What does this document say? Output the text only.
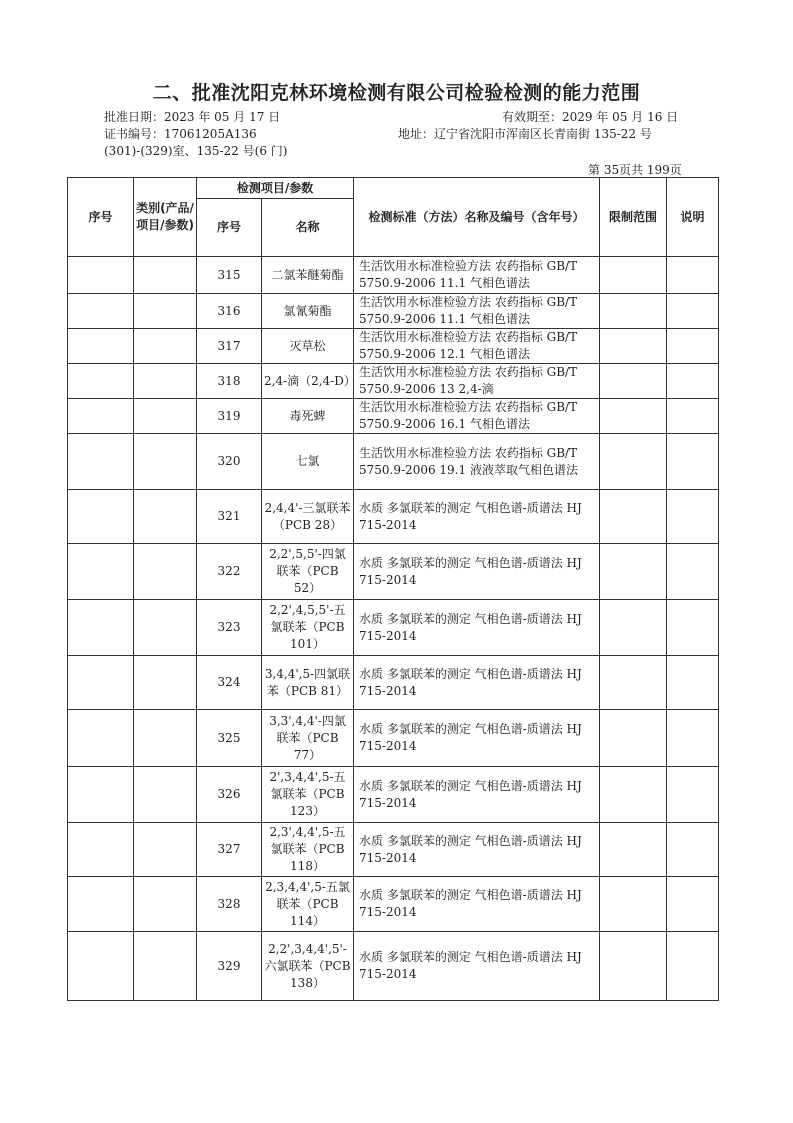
二、批准沈阳克林环境检测有限公司检验检测的能力范围
批准日期：2023 年 05 月 17 日	有效期至：2029 年 05 月 16 日
证书编号：17061205A136	地址：辽宁省沈阳市浑南区长青南街 135-22 号
(301)-(329)室、135-22 号(6 门)
第 35页共 199页
序号	类别(产品/项目/参数)	检测项目/参数		检测标准（方法）名称及编号（含年号）	限制范围	说明
		序号	名称			
		315	二氯苯醚菊酯	生活饮用水标准检验方法 农药指标 GB/T 5750.9-2006 11.1 气相色谱法		
		316	氯氰菊酯	生活饮用水标准检验方法 农药指标 GB/T 5750.9-2006 11.1 气相色谱法		
		317	灭草松	生活饮用水标准检验方法 农药指标 GB/T 5750.9-2006 12.1 气相色谱法		
		318	2,4-滴（2,4-D）	生活饮用水标准检验方法 农药指标 GB/T 5750.9-2006 13 2,4-滴		
		319	毒死蜱	生活饮用水标准检验方法 农药指标 GB/T 5750.9-2006 16.1 气相色谱法		
		320	七氯	生活饮用水标准检验方法 农药指标 GB/T 5750.9-2006 19.1 液液萃取气相色谱法		
		321	2,4,4'-三氯联苯（PCB 28）	水质 多氯联苯的测定 气相色谱-质谱法 HJ 715-2014		
		322	2,2',5,5'-四氯联苯（PCB 52）	水质 多氯联苯的测定 气相色谱-质谱法 HJ 715-2014		
		323	2,2',4,5,5'-五氯联苯（PCB 101）	水质 多氯联苯的测定 气相色谱-质谱法 HJ 715-2014		
		324	3,4,4',5-四氯联苯（PCB 81）	水质 多氯联苯的测定 气相色谱-质谱法 HJ 715-2014		
		325	3,3',4,4'-四氯联苯（PCB 77）	水质 多氯联苯的测定 气相色谱-质谱法 HJ 715-2014		
		326	2',3,4,4',5-五氯联苯（PCB 123）	水质 多氯联苯的测定 气相色谱-质谱法 HJ 715-2014		
		327	2,3',4,4',5-五氯联苯（PCB 118）	水质 多氯联苯的测定 气相色谱-质谱法 HJ 715-2014		
		328	2,3,4,4',5-五氯联苯（PCB 114）	水质 多氯联苯的测定 气相色谱-质谱法 HJ 715-2014		
		329	2,2',3,4,4',5'-六氯联苯（PCB 138）	水质 多氯联苯的测定 气相色谱-质谱法 HJ 715-2014		
